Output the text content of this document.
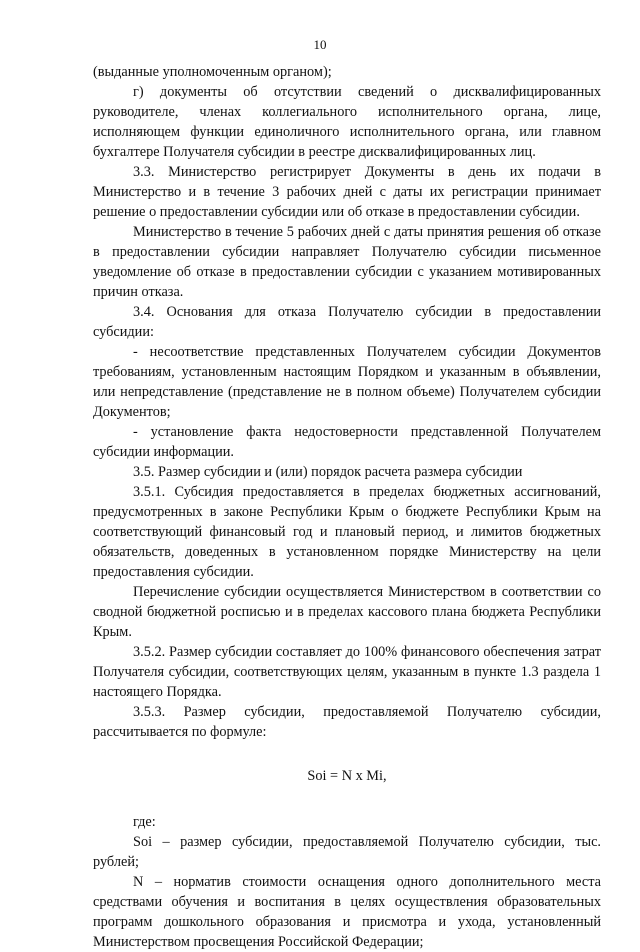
10

(выданные уполномоченным органом);

г) документы об отсутствии сведений о дисквалифицированных руководителе, членах коллегиального исполнительного органа, лице, исполняющем функции единоличного исполнительного органа, или главном бухгалтере Получателя субсидии в реестре дисквалифицированных лиц.

3.3. Министерство регистрирует Документы в день их подачи в Министерство и в течение 3 рабочих дней с даты их регистрации принимает решение о предоставлении субсидии или об отказе в предоставлении субсидии.

Министерство в течение 5 рабочих дней с даты принятия решения об отказе в предоставлении субсидии направляет Получателю субсидии письменное уведомление об отказе в предоставлении субсидии с указанием мотивированных причин отказа.

3.4. Основания для отказа Получателю субсидии в предоставлении субсидии:

- несоответствие представленных Получателем субсидии Документов требованиям, установленным настоящим Порядком и указанным в объявлении, или непредставление (представление не в полном объеме) Получателем субсидии Документов;

- установление факта недостоверности представленной Получателем субсидии информации.

3.5. Размер субсидии и (или) порядок расчета размера субсидии

3.5.1. Субсидия предоставляется в пределах бюджетных ассигнований, предусмотренных в законе Республики Крым о бюджете Республики Крым на соответствующий финансовый год и плановый период, и лимитов бюджетных обязательств, доведенных в установленном порядке Министерству на цели предоставления субсидии.

Перечисление субсидии осуществляется Министерством в соответствии со сводной бюджетной росписью и в пределах кассового плана бюджета Республики Крым.

3.5.2. Размер субсидии составляет до 100% финансового обеспечения затрат Получателя субсидии, соответствующих целям, указанным в пункте 1.3 раздела 1 настоящего Порядка.

3.5.3. Размер субсидии, предоставляемой Получателю субсидии, рассчитывается по формуле:

Soi = N x Mi,

где:

Soi – размер субсидии, предоставляемой Получателю субсидии, тыс. рублей;

N – норматив стоимости оснащения одного дополнительного места средствами обучения и воспитания в целях осуществления образовательных программ дошкольного образования и присмотра и ухода, установленный Министерством просвещения Российской Федерации;
